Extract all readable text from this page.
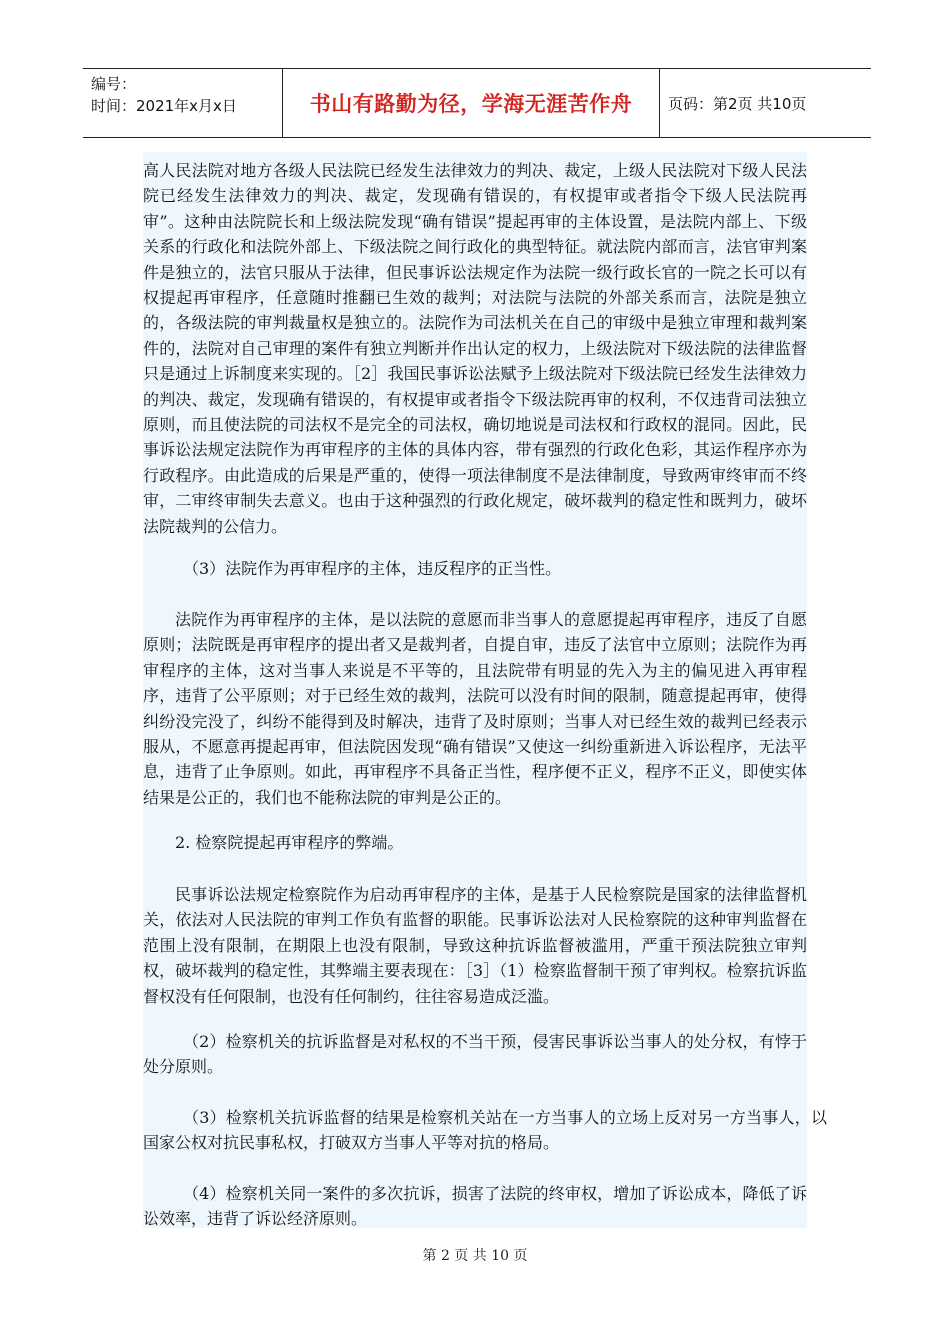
编号：
时间：2021年x月x日	书山有路勤为径，学海无涯苦作舟	页码：第2页 共10页
高人民法院对地方各级人民法院已经发生法律效力的判决、裁定，上级人民法院对下级人民法院已经发生法律效力的判决、裁定，发现确有错误的，有权提审或者指令下级人民法院再审”。这种由法院院长和上级法院发现“确有错误”提起再审的主体设置，是法院内部上、下级关系的行政化和法院外部上、下级法院之间行政化的典型特征。就法院内部而言，法官审判案件是独立的，法官只服从于法律，但民事诉讼法规定作为法院一级行政长官的一院之长可以有权提起再审程序，任意随时推翻已生效的裁判；对法院与法院的外部关系而言，法院是独立的，各级法院的审判裁量权是独立的。法院作为司法机关在自己的审级中是独立审理和裁判案件的，法院对自己审理的案件有独立判断并作出认定的权力，上级法院对下级法院的法律监督只是通过上诉制度来实现的。［2］我国民事诉讼法赋予上级法院对下级法院已经发生法律效力的判决、裁定，发现确有错误的，有权提审或者指令下级法院再审的权利，不仅违背司法独立原则，而且使法院的司法权不是完全的司法权，确切地说是司法权和行政权的混同。因此，民事诉讼法规定法院作为再审程序的主体的具体内容，带有强烈的行政化色彩，其运作程序亦为行政程序。由此造成的后果是严重的，使得一项法律制度不是法律制度，导致两审终审而不终审，二审终审制失去意义。也由于这种强烈的行政化规定，破坏裁判的稳定性和既判力，破坏法院裁判的公信力。
（3）法院作为再审程序的主体，违反程序的正当性。
法院作为再审程序的主体，是以法院的意愿而非当事人的意愿提起再审程序，违反了自愿原则；法院既是再审程序的提出者又是裁判者，自提自审，违反了法官中立原则；法院作为再审程序的主体，这对当事人来说是不平等的，且法院带有明显的先入为主的偏见进入再审程序，违背了公平原则；对于已经生效的裁判，法院可以没有时间的限制，随意提起再审，使得纠纷没完没了，纠纷不能得到及时解决，违背了及时原则；当事人对已经生效的裁判已经表示服从，不愿意再提起再审，但法院因发现“确有错误”又使这一纠纷重新进入诉讼程序，无法平息，违背了止争原则。如此，再审程序不具备正当性，程序便不正义，程序不正义，即使实体结果是公正的，我们也不能称法院的审判是公正的。
2. 检察院提起再审程序的弊端。
民事诉讼法规定检察院作为启动再审程序的主体，是基于人民检察院是国家的法律监督机关，依法对人民法院的审判工作负有监督的职能。民事诉讼法对人民检察院的这种审判监督在范围上没有限制，在期限上也没有限制，导致这种抗诉监督被滥用，严重干预法院独立审判权，破坏裁判的稳定性，其弊端主要表现在：［3］（1）检察监督制干预了审判权。检察抗诉监督权没有任何限制，也没有任何制约，往往容易造成泛滥。
（2）检察机关的抗诉监督是对私权的不当干预，侵害民事诉讼当事人的处分权，有悖于处分原则。
（3）检察机关抗诉监督的结果是检察机关站在一方当事人的立场上反对另一方当事人，以国家公权对抗民事私权，打破双方当事人平等对抗的格局。
（4）检察机关同一案件的多次抗诉，损害了法院的终审权，增加了诉讼成本，降低了诉讼效率，违背了诉讼经济原则。
第 2 页 共 10 页
